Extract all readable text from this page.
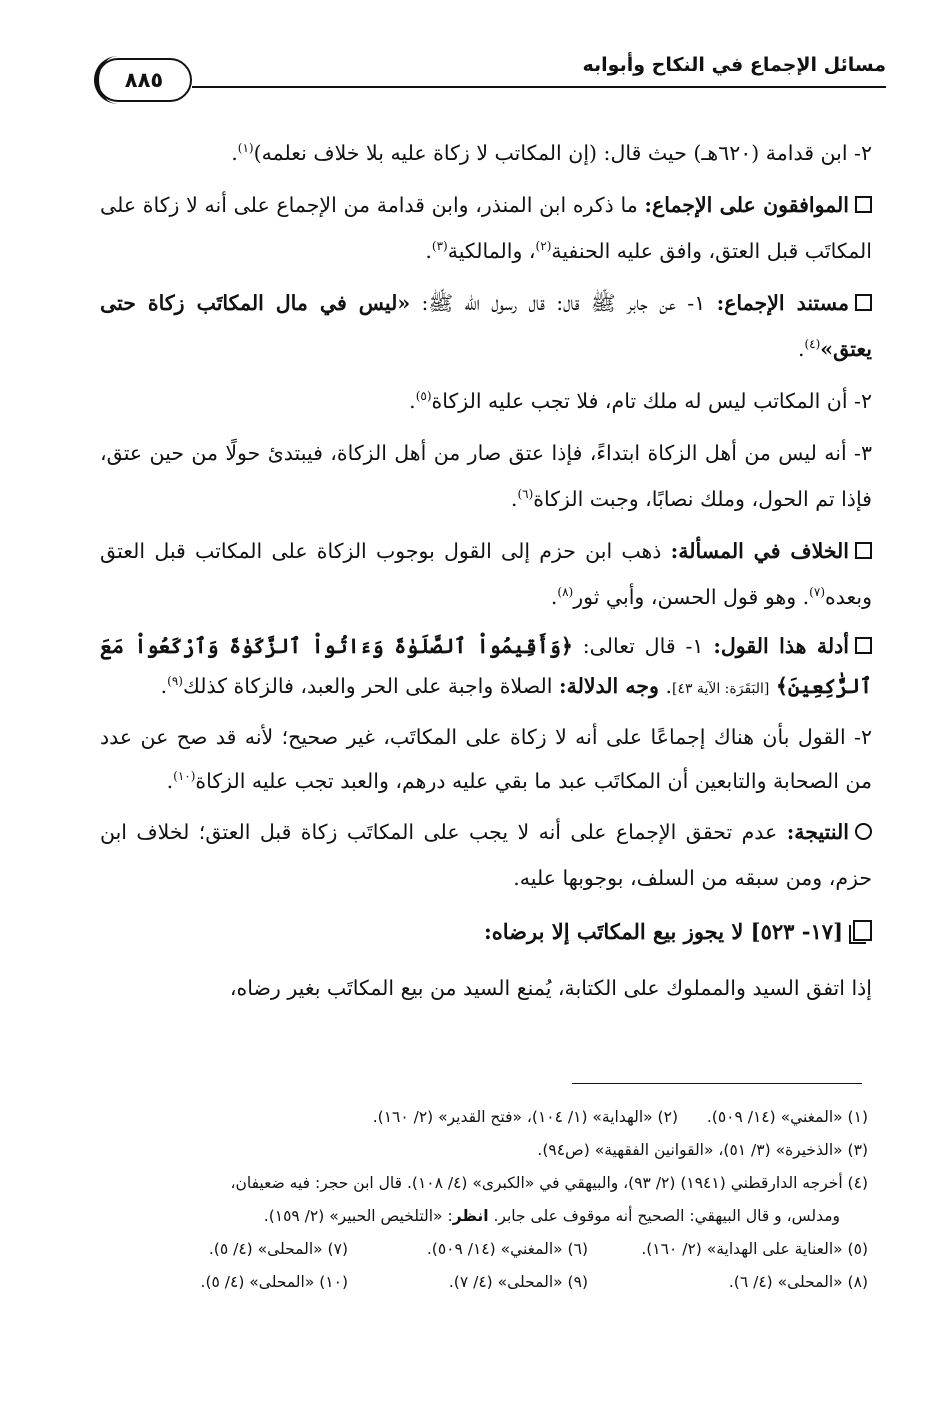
مسائل الإجماع في النكاح وأبوابه
٨٨٥

٢- ابن قدامة (٦٢٠هـ) حيث قال: (إن المكاتب لا زكاة عليه بلا خلاف نعلمه)$^{(١)}$.

الموافقون على الإجماع: ما ذكره ابن المنذر، وابن قدامة من الإجماع على أنه لا زكاة على المكاتَب قبل العتق، وافق عليه الحنفية$^{(٢)}$، والمالكية$^{(٣)}$.

مستند الإجماع: ١- عن جابر ﷺ قال: قال رسول الله ﷺ: «ليس في مال المكاتَب زكاة حتى يعتق»$^{(٤)}$.

٢- أن المكاتب ليس له ملك تام، فلا تجب عليه الزكاة$^{(٥)}$.

٣- أنه ليس من أهل الزكاة ابتداءً، فإذا عتق صار من أهل الزكاة، فيبتدئ حولًا من حين عتق، فإذا تم الحول، وملك نصابًا، وجبت الزكاة$^{(٦)}$.

الخلاف في المسألة: ذهب ابن حزم إلى القول بوجوب الزكاة على المكاتب قبل العتق وبعده$^{(٧)}$. وهو قول الحسن، وأبي ثور$^{(٨)}$.

أدلة هذا القول: ١- قال تعالى: ﴿وَأَقِيمُواْ ٱلصَّلَوٰةَ وَءَاتُواْ ٱلزَّكَوٰةَ وَٱرْكَعُواْ مَعَ ٱلرَّٰكِعِينَ﴾ [البَقَرَة: الآية ٤٣]. وجه الدلالة: الصلاة واجبة على الحر والعبد، فالزكاة كذلك$^{(٩)}$.

٢- القول بأن هناك إجماعًا على أنه لا زكاة على المكاتَب، غير صحيح؛ لأنه قد صح عن عدد من الصحابة والتابعين أن المكاتَب عبد ما بقي عليه درهم، والعبد تجب عليه الزكاة$^{(١٠)}$.

النتيجة: عدم تحقق الإجماع على أنه لا يجب على المكاتَب زكاة قبل العتق؛ لخلاف ابن حزم، ومن سبقه من السلف، بوجوبها عليه.

[١٧- ٥٢٣] لا يجوز بيع المكاتَب إلا برضاه:

إذا اتفق السيد والمملوك على الكتابة، يُمنع السيد من بيع المكاتَب بغير رضاه،

(١) «المغني» (١٤/ ٥٠٩).
(٢) «الهداية» (١/ ١٠٤)، «فتح القدير» (٢/ ١٦٠).
(٣) «الذخيرة» (٣/ ٥١)، «القوانين الفقهية» (ص٩٤).
(٤) أخرجه الدارقطني (١٩٤١) (٢/ ٩٣)، والبيهقي في «الكبرى» (٤/ ١٠٨). قال ابن حجر: فيه ضعيفان،
ومدلس، و قال البيهقي: الصحيح أنه موقوف على جابر. انظر: «التلخيص الحبير» (٢/ ١٥٩).
(٥) «العناية على الهداية» (٢/ ١٦٠).
(٦) «المغني» (١٤/ ٥٠٩).
(٧) «المحلى» (٤/ ٥).
(٨) «المحلى» (٤/ ٦).
(٩) «المحلى» (٤/ ٧).
(١٠) «المحلى» (٤/ ٥).
